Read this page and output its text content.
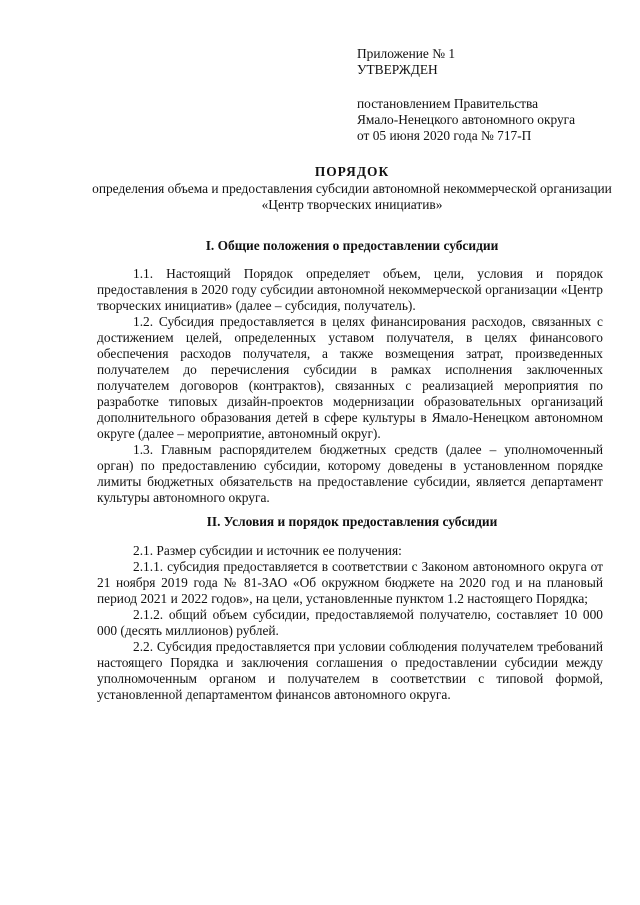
Приложение № 1
УТВЕРЖДЕН
постановлением Правительства
Ямало-Ненецкого автономного округа
от 05 июня 2020 года № 717-П
ПОРЯДОК
определения объема и предоставления субсидии автономной некоммерческой организации «Центр творческих инициатив»
I. Общие положения о предоставлении субсидии

1.1. Настоящий Порядок определяет объем, цели, условия и порядок предоставления в 2020 году субсидии автономной некоммерческой организации «Центр творческих инициатив» (далее – субсидия, получатель).

1.2. Субсидия предоставляется в целях финансирования расходов, связанных с достижением целей, определенных уставом получателя, в целях финансового обеспечения расходов получателя, а также возмещения затрат, произведенных получателем до перечисления субсидии в рамках исполнения заключенных получателем договоров (контрактов), связанных с реализацией мероприятия по разработке типовых дизайн-проектов модернизации образовательных организаций дополнительного образования детей в сфере культуры в Ямало-Ненецком автономном округе (далее – мероприятие, автономный округ).

1.3. Главным распорядителем бюджетных средств (далее – уполномоченный орган) по предоставлению субсидии, которому доведены в установленном порядке лимиты бюджетных обязательств на предоставление субсидии, является департамент культуры автономного округа.

II. Условия и порядок предоставления субсидии

2.1. Размер субсидии и источник ее получения:

2.1.1. субсидия предоставляется в соответствии с Законом автономного округа от 21 ноября 2019 года № 81-ЗАО «Об окружном бюджете на 2020 год и на плановый период 2021 и 2022 годов», на цели, установленные пунктом 1.2 настоящего Порядка;

2.1.2. общий объем субсидии, предоставляемой получателю, составляет 10 000 000 (десять миллионов) рублей.

2.2. Субсидия предоставляется при условии соблюдения получателем требований настоящего Порядка и заключения соглашения о предоставлении субсидии между уполномоченным органом и получателем в соответствии с типовой формой, установленной департаментом финансов автономного округа.
